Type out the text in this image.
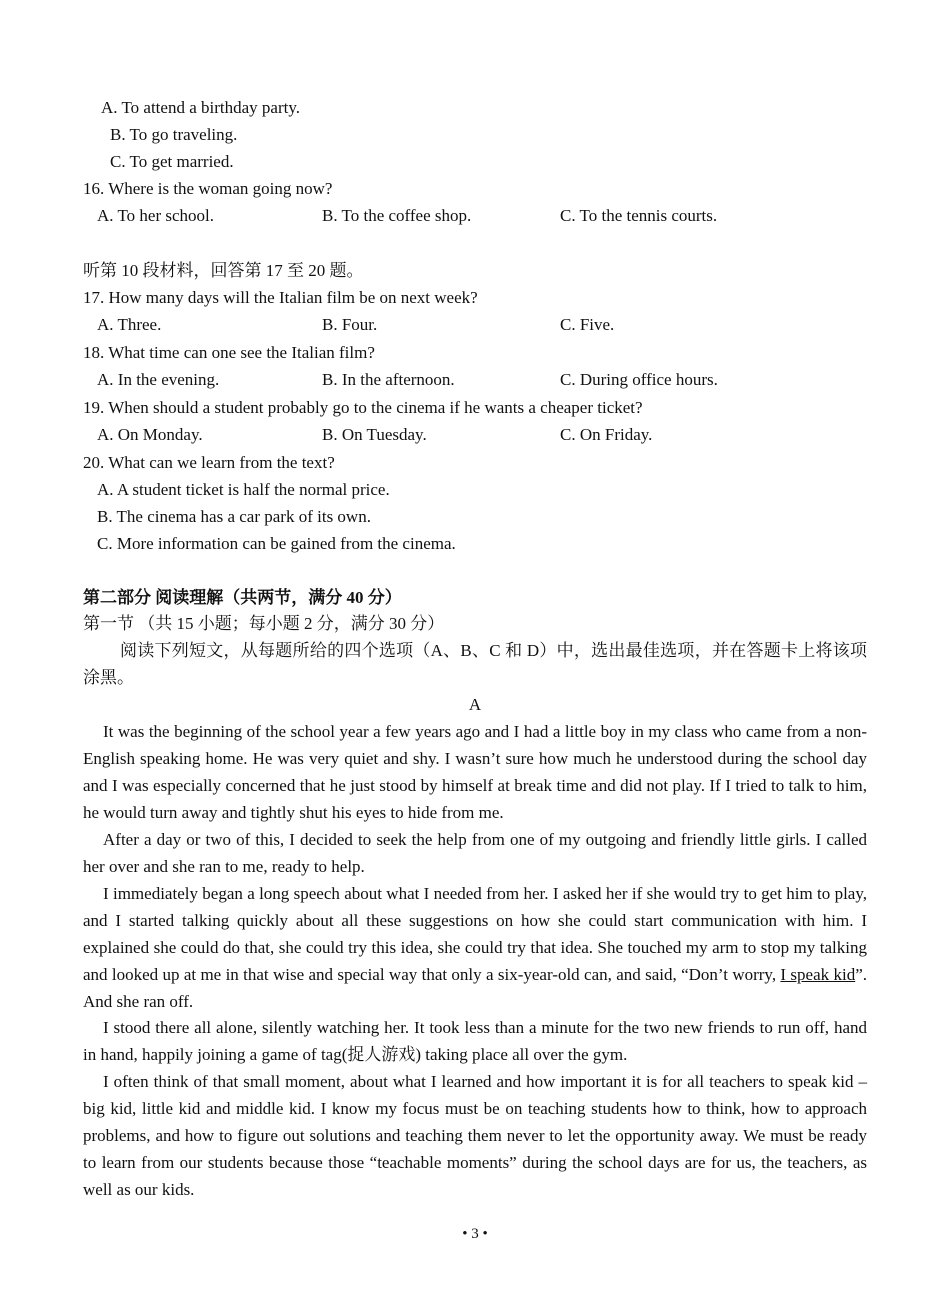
A. To attend a birthday party.
B. To go traveling.
C. To get married.
16. Where is the woman going now?
A. To her school.	B. To the coffee shop.	C. To the tennis courts.
听第 10 段材料，回答第 17 至 20 题。
17. How many days will the Italian film be on next week?
A. Three.	B. Four.	C. Five.
18. What time can one see the Italian film?
A. In the evening.	B. In the afternoon.	C. During office hours.
19. When should a student probably go to the cinema if he wants a cheaper ticket?
A. On Monday.	B. On Tuesday.	C. On Friday.
20. What can we learn from the text?
A. A student ticket is half the normal price.
B. The cinema has a car park of its own.
C. More information can be gained from the cinema.
第二部分 阅读理解（共两节，满分 40 分）
第一节 （共 15 小题；每小题 2 分，满分 30 分）
阅读下列短文，从每题所给的四个选项（A、B、C 和 D）中，选出最佳选项，并在答题卡上将该项涂黑。
A
It was the beginning of the school year a few years ago and I had a little boy in my class who came from a non-English speaking home. He was very quiet and shy. I wasn’t sure how much he understood during the school day and I was especially concerned that he just stood by himself at break time and did not play. If I tried to talk to him, he would turn away and tightly shut his eyes to hide from me.
After a day or two of this, I decided to seek the help from one of my outgoing and friendly little girls. I called her over and she ran to me, ready to help.
I immediately began a long speech about what I needed from her. I asked her if she would try to get him to play, and I started talking quickly about all these suggestions on how she could start communication with him. I explained she could do that, she could try this idea, she could try that idea. She touched my arm to stop my talking and looked up at me in that wise and special way that only a six-year-old can, and said, “Don’t worry, I speak kid”. And she ran off.
I stood there all alone, silently watching her. It took less than a minute for the two new friends to run off, hand in hand, happily joining a game of tag(捉人游戏) taking place all over the gym.
I often think of that small moment, about what I learned and how important it is for all teachers to speak kid – big kid, little kid and middle kid. I know my focus must be on teaching students how to think, how to approach problems, and how to figure out solutions and teaching them never to let the opportunity away. We must be ready to learn from our students because those “teachable moments” during the school days are for us, the teachers, as well as our kids.
• 3 •
